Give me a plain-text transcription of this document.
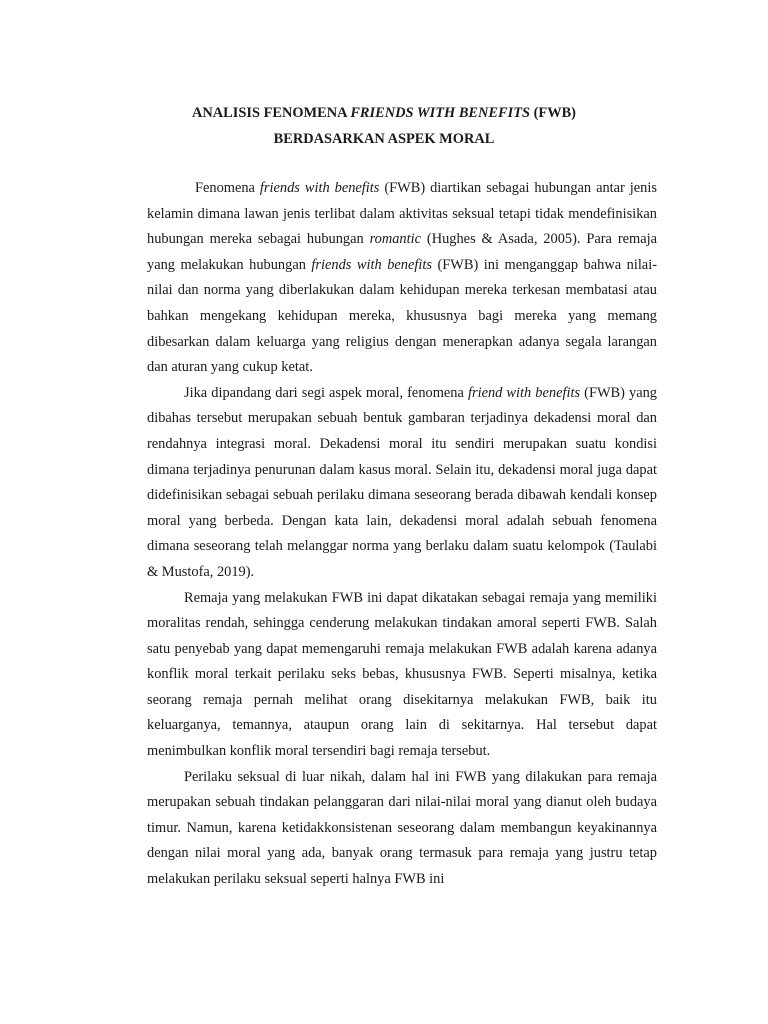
ANALISIS FENOMENA FRIENDS WITH BENEFITS (FWB)
BERDASARKAN ASPEK MORAL

Fenomena friends with benefits (FWB) diartikan sebagai hubungan antar jenis kelamin dimana lawan jenis terlibat dalam aktivitas seksual tetapi tidak mendefinisikan hubungan mereka sebagai hubungan romantic (Hughes & Asada, 2005). Para remaja yang melakukan hubungan friends with benefits (FWB) ini menganggap bahwa nilai-nilai dan norma yang diberlakukan dalam kehidupan mereka terkesan membatasi atau bahkan mengekang kehidupan mereka, khususnya bagi mereka yang memang dibesarkan dalam keluarga yang religius dengan menerapkan adanya segala larangan dan aturan yang cukup ketat.

Jika dipandang dari segi aspek moral, fenomena friend with benefits (FWB) yang dibahas tersebut merupakan sebuah bentuk gambaran terjadinya dekadensi moral dan rendahnya integrasi moral. Dekadensi moral itu sendiri merupakan suatu kondisi dimana terjadinya penurunan dalam kasus moral. Selain itu, dekadensi moral juga dapat didefinisikan sebagai sebuah perilaku dimana seseorang berada dibawah kendali konsep moral yang berbeda. Dengan kata lain, dekadensi moral adalah sebuah fenomena dimana seseorang telah melanggar norma yang berlaku dalam suatu kelompok (Taulabi & Mustofa, 2019).

Remaja yang melakukan FWB ini dapat dikatakan sebagai remaja yang memiliki moralitas rendah, sehingga cenderung melakukan tindakan amoral seperti FWB. Salah satu penyebab yang dapat memengaruhi remaja melakukan FWB adalah karena adanya konflik moral terkait perilaku seks bebas, khususnya FWB. Seperti misalnya, ketika seorang remaja pernah melihat orang disekitarnya melakukan FWB, baik itu keluarganya, temannya, ataupun orang lain di sekitarnya. Hal tersebut dapat menimbulkan konflik moral tersendiri bagi remaja tersebut.

Perilaku seksual di luar nikah, dalam hal ini FWB yang dilakukan para remaja merupakan sebuah tindakan pelanggaran dari nilai-nilai moral yang dianut oleh budaya timur. Namun, karena ketidakkonsistenan seseorang dalam membangun keyakinannya dengan nilai moral yang ada, banyak orang termasuk para remaja yang justru tetap melakukan perilaku seksual seperti halnya FWB ini
